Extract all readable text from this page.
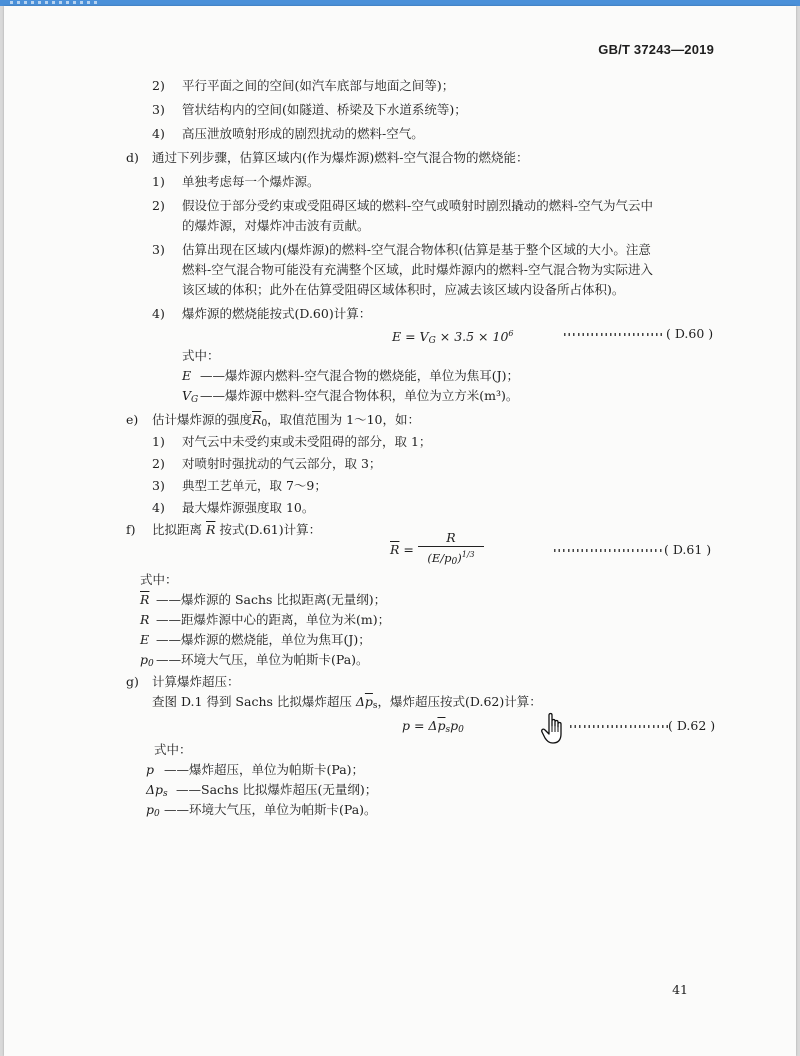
GB/T 37243—2019
2) 平行平面之间的空间(如汽车底部与地面之间等)；
3) 管状结构内的空间(如隧道、桥梁及下水道系统等)；
4) 高压泄放喷射形成的剧烈扰动的燃料-空气。
d) 通过下列步骤，估算区域内(作为爆炸源)燃料-空气混合物的燃烧能：
1) 单独考虑每一个爆炸源。
2) 假设位于部分受约束或受阻碍区域的燃料-空气或喷射时剧烈撬动的燃料-空气为气云中
的爆炸源，对爆炸冲击波有贡献。
3) 估算出现在区域内(爆炸源)的燃料-空气混合物体积(估算是基于整个区域的大小。注意
燃料-空气混合物可能没有充满整个区域，此时爆炸源内的燃料-空气混合物为实际进入
该区域的体积；此外在估算受阻碍区域体积时，应减去该区域内设备所占体积)。
4) 爆炸源的燃烧能按式(D.60)计算：
$E = V_G \times 3.5 \times 10^6$	( D.60 )
式中：
E ——爆炸源内燃料-空气混合物的燃烧能，单位为焦耳(J)；
$V_G$ ——爆炸源中燃料-空气混合物体积，单位为立方米(m³)。
e) 估计爆炸源的强度$\overline{R}_0$，取值范围为 1～10，如：
1) 对气云中未受约束或未受阻碍的部分，取 1；
2) 对喷射时强扰动的气云部分，取 3；
3) 典型工艺单元，取 7～9；
4) 最大爆炸源强度取 10。
f) 比拟距离 $\overline{R}$ 按式(D.61)计算：
$\overline{R}$ =
R
$(E/p_0)^{1/3}$	( D.61 )
式中：
$\overline{R}$ ——爆炸源的 Sachs 比拟距离(无量纲)；
R ——距爆炸源中心的距离，单位为米(m)；
E ——爆炸源的燃烧能，单位为焦耳(J)；
$p_0$ ——环境大气压，单位为帕斯卡(Pa)。
g) 计算爆炸超压：
查图 D.1 得到 Sachs 比拟爆炸超压 $\Delta\overline{p}_s$，爆炸超压按式(D.62)计算：
$p = \Delta\overline{p}_sp_0$	( D.62 )
式中：
p ——爆炸超压，单位为帕斯卡(Pa)；
$\Delta p_s$ ——Sachs 比拟爆炸超压(无量纲)；
$p_0$ ——环境大气压，单位为帕斯卡(Pa)。
41
